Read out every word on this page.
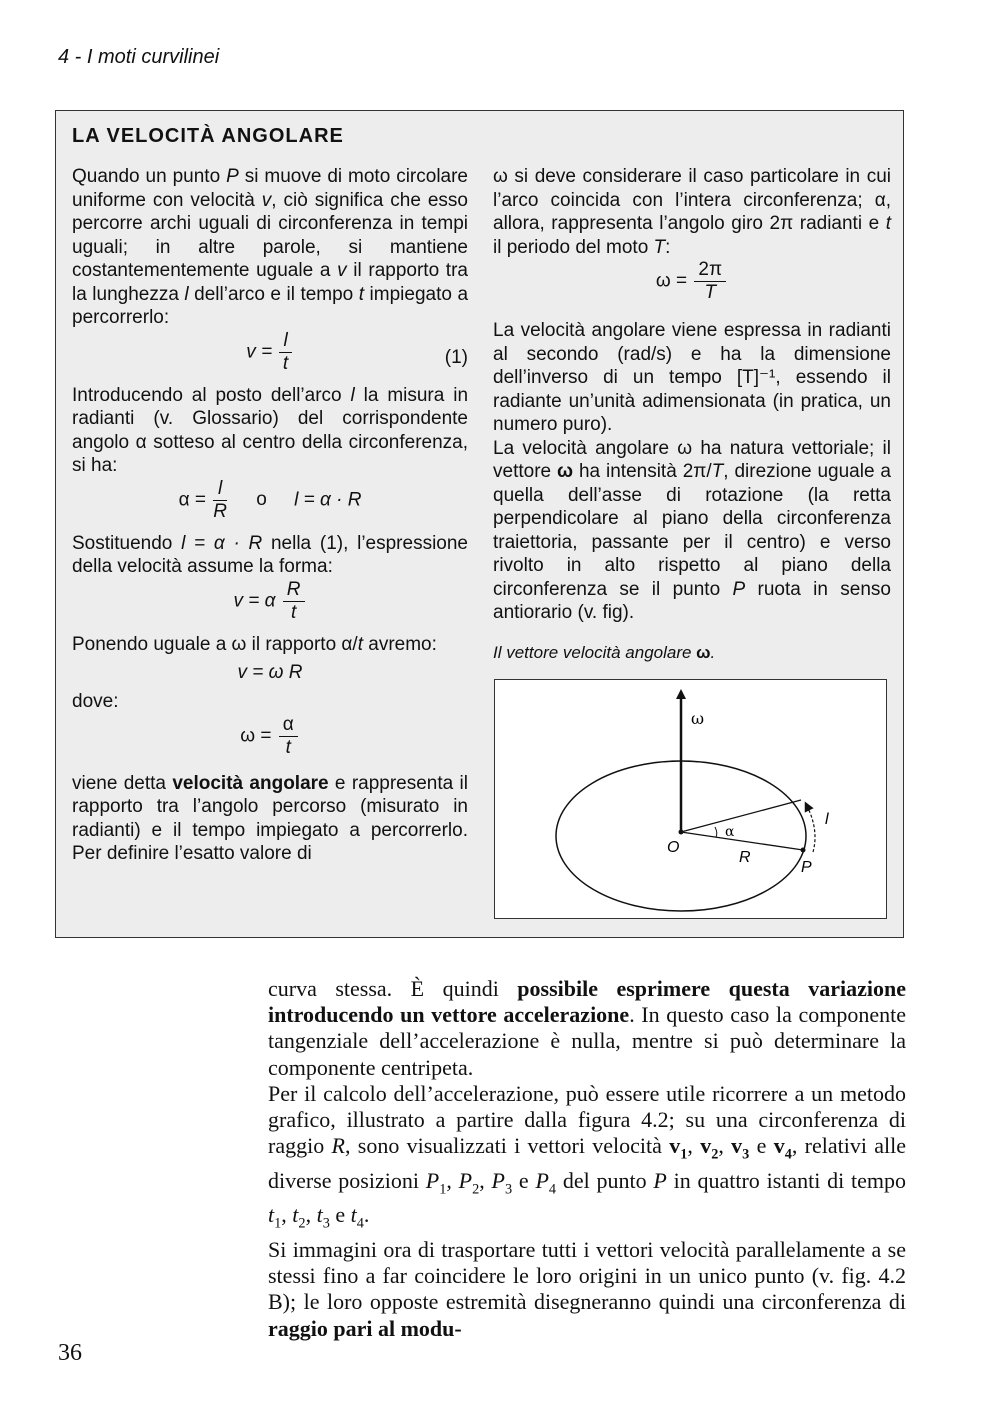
4 - I moti curvilinei
LA VELOCITÀ ANGOLARE

Quando un punto P si muove di moto circolare uniforme con velocità v, ciò significa che esso percorre archi uguali di circonferenza in tempi uguali; in altre parole, si mantiene costantementemente uguale a v il rapporto tra la lunghezza l dell’arco e il tempo t impiegato a percorrerlo:

$v = \frac{l}{t}$	(1)

Introducendo al posto dell’arco l la misura in radianti (v. Glossario) del corrispondente angolo α sotteso al centro della circonferenza, si ha:

$\alpha = \frac{l}{R}$ o l = α · R

Sostituendo l = α · R nella (1), l’espressione della velocità assume la forma:

v = α $\frac{R}{t}$

Ponendo uguale a ω il rapporto α/t avremo:

v = ω R

dove:

$\omega = \frac{\alpha}{t}$

viene detta velocità angolare e rappresenta il rapporto tra l’angolo percorso (misurato in radianti) e il tempo impiegato a percorrerlo. Per definire l’esatto valore di

ω si deve considerare il caso particolare in cui l’arco coincida con l’intera circonferenza; α, allora, rappresenta l’angolo giro 2π radianti e t il periodo del moto T:

$\omega = \frac{2\pi}{T}$

La velocità angolare viene espressa in radianti al secondo (rad/s) e ha la dimensione dell’inverso di un tempo [T]⁻¹, essendo il radiante un’unità adimensionata (in pratica, un numero puro).

La velocità angolare ω ha natura vettoriale; il vettore ω ha intensità 2π/T, direzione uguale a quella dell’asse di rotazione (la retta perpendicolare al piano della circonferenza traiettoria, passante per il centro) e verso rivolto in alto rispetto al piano della circonferenza se il punto P ruota in senso antiorario (v. fig).

Il vettore velocità angolare ω.
ω
α
l
O
R
P

curva stessa. È quindi possibile esprimere questa variazione introducendo un vettore accelerazione. In questo caso la componente tangenziale dell’accelerazione è nulla, mentre si può determinare la componente centripeta.

Per il calcolo dell’accelerazione, può essere utile ricorrere a un metodo grafico, illustrato a partire dalla figura 4.2; su una circonferenza di raggio R, sono visualizzati i vettori velocità $v_1$, $v_2$, $v_3$ e $v_4$, relativi alle diverse posizioni $P_1$, $P_2$, $P_3$ e $P_4$ del punto P in quattro istanti di tempo $t_1$, $t_2$, $t_3$ e $t_4$.

Si immagini ora di trasportare tutti i vettori velocità parallelamente a se stessi fino a far coincidere le loro origini in un unico punto (v. fig. 4.2 B); le loro opposte estremità disegneranno quindi una circonferenza di raggio pari al modu-

36
